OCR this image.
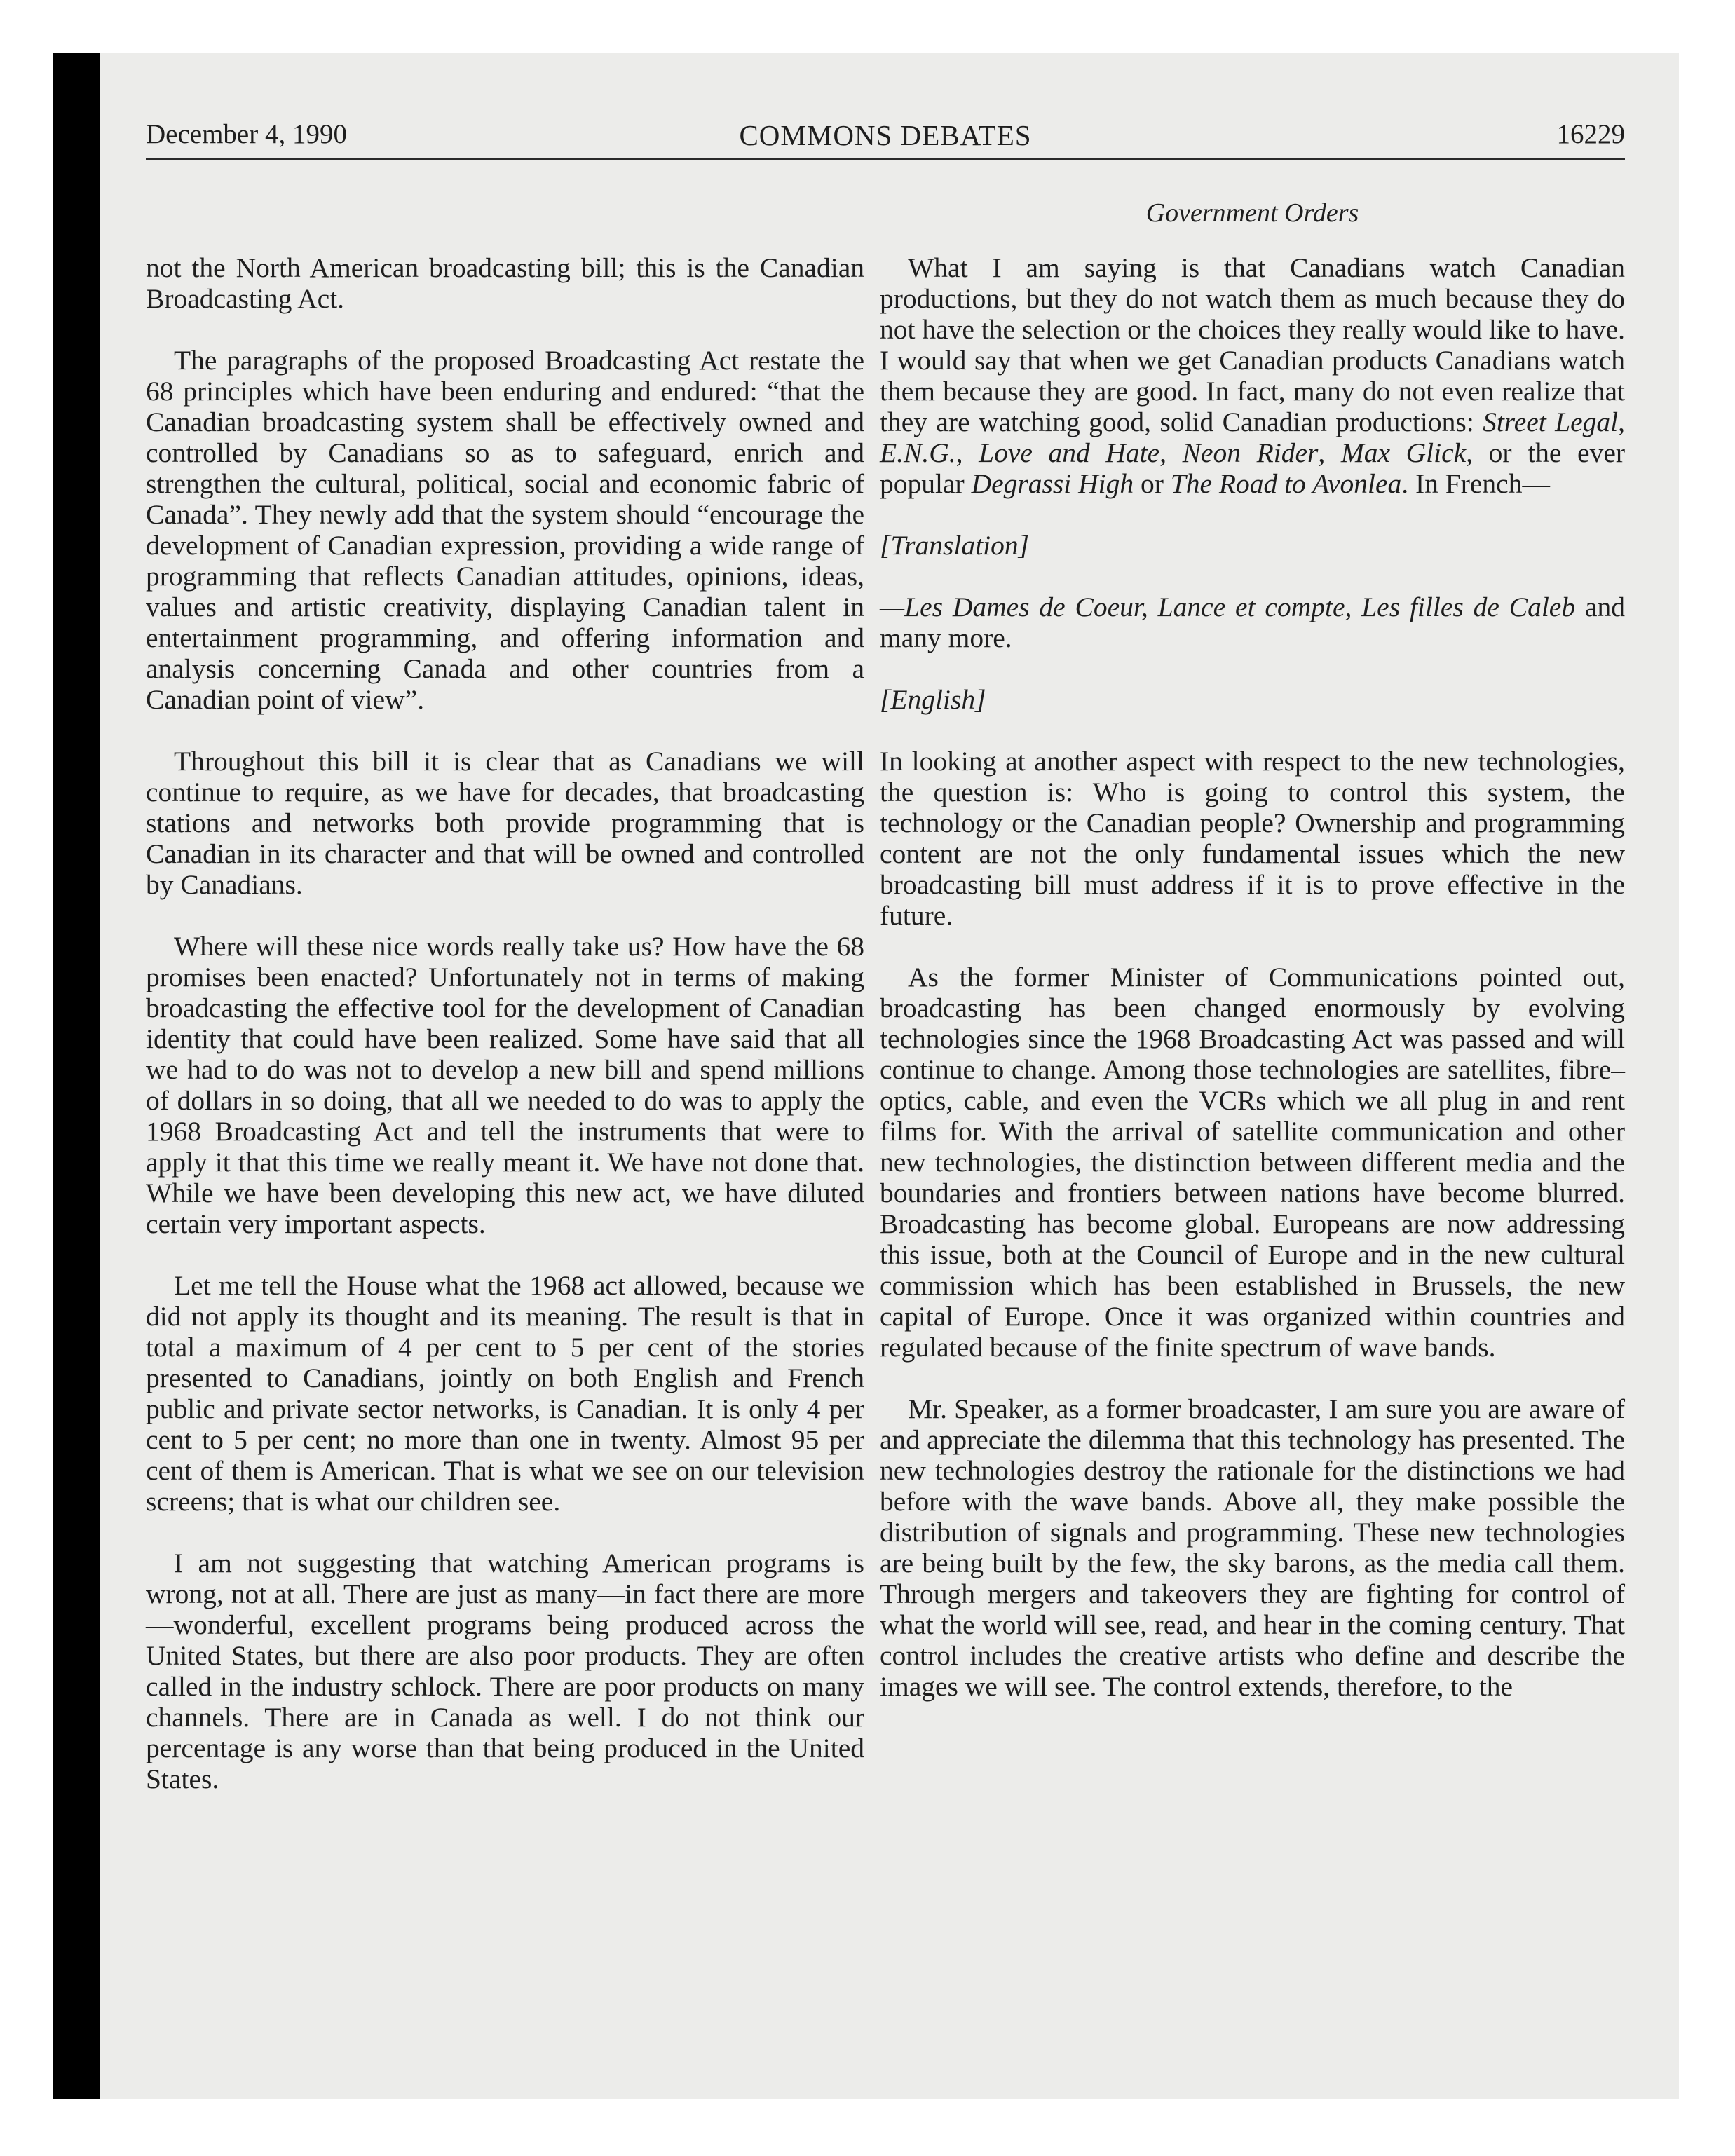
December 4, 1990	COMMONS DEBATES	16229
Government Orders

not the North American broadcasting bill; this is the Canadian Broadcasting Act.

The paragraphs of the proposed Broadcasting Act restate the 68 principles which have been enduring and endured: “that the Canadian broadcasting system shall be effectively owned and controlled by Canadians so as to safeguard, enrich and strengthen the cultural, political, social and economic fabric of Canada”. They newly add that the system should “encourage the development of Canadian expression, providing a wide range of programming that reflects Canadian attitudes, opinions, ideas, values and artistic creativity, displaying Canadian talent in entertainment programming, and offering information and analysis concerning Canada and other countries from a Canadian point of view”.

Throughout this bill it is clear that as Canadians we will continue to require, as we have for decades, that broadcasting stations and networks both provide programming that is Canadian in its character and that will be owned and controlled by Canadians.

Where will these nice words really take us? How have the 68 promises been enacted? Unfortunately not in terms of making broadcasting the effective tool for the development of Canadian identity that could have been realized. Some have said that all we had to do was not to develop a new bill and spend millions of dollars in so doing, that all we needed to do was to apply the 1968 Broadcasting Act and tell the instruments that were to apply it that this time we really meant it. We have not done that. While we have been developing this new act, we have diluted certain very important aspects.

Let me tell the House what the 1968 act allowed, because we did not apply its thought and its meaning. The result is that in total a maximum of 4 per cent to 5 per cent of the stories presented to Canadians, jointly on both English and French public and private sector networks, is Canadian. It is only 4 per cent to 5 per cent; no more than one in twenty. Almost 95 per cent of them is American. That is what we see on our television screens; that is what our children see.

I am not suggesting that watching American programs is wrong, not at all. There are just as many—in fact there are more—wonderful, excellent programs being produced across the United States, but there are also poor products. They are often called in the industry schlock. There are poor products on many channels. There are in Canada as well. I do not think our percentage is any worse than that being produced in the United States.

What I am saying is that Canadians watch Canadian productions, but they do not watch them as much because they do not have the selection or the choices they really would like to have. I would say that when we get Canadian products Canadians watch them because they are good. In fact, many do not even realize that they are watching good, solid Canadian productions: Street Legal, E.N.G., Love and Hate, Neon Rider, Max Glick, or the ever popular Degrassi High or The Road to Avonlea. In French—

[Translation]

—Les Dames de Coeur, Lance et compte, Les filles de Caleb and many more.

[English]

In looking at another aspect with respect to the new technologies, the question is: Who is going to control this system, the technology or the Canadian people? Ownership and programming content are not the only fundamental issues which the new broadcasting bill must address if it is to prove effective in the future.

As the former Minister of Communications pointed out, broadcasting has been changed enormously by evolving technologies since the 1968 Broadcasting Act was passed and will continue to change. Among those technologies are satellites, fibre–optics, cable, and even the VCRs which we all plug in and rent films for. With the arrival of satellite communication and other new technologies, the distinction between different media and the boundaries and frontiers between nations have become blurred. Broadcasting has become global. Europeans are now addressing this issue, both at the Council of Europe and in the new cultural commission which has been established in Brussels, the new capital of Europe. Once it was organized within countries and regulated because of the finite spectrum of wave bands.

Mr. Speaker, as a former broadcaster, I am sure you are aware of and appreciate the dilemma that this technology has presented. The new technologies destroy the rationale for the distinctions we had before with the wave bands. Above all, they make possible the distribution of signals and programming. These new technologies are being built by the few, the sky barons, as the media call them. Through mergers and takeovers they are fighting for control of what the world will see, read, and hear in the coming century. That control includes the creative artists who define and describe the images we will see. The control extends, therefore, to the
